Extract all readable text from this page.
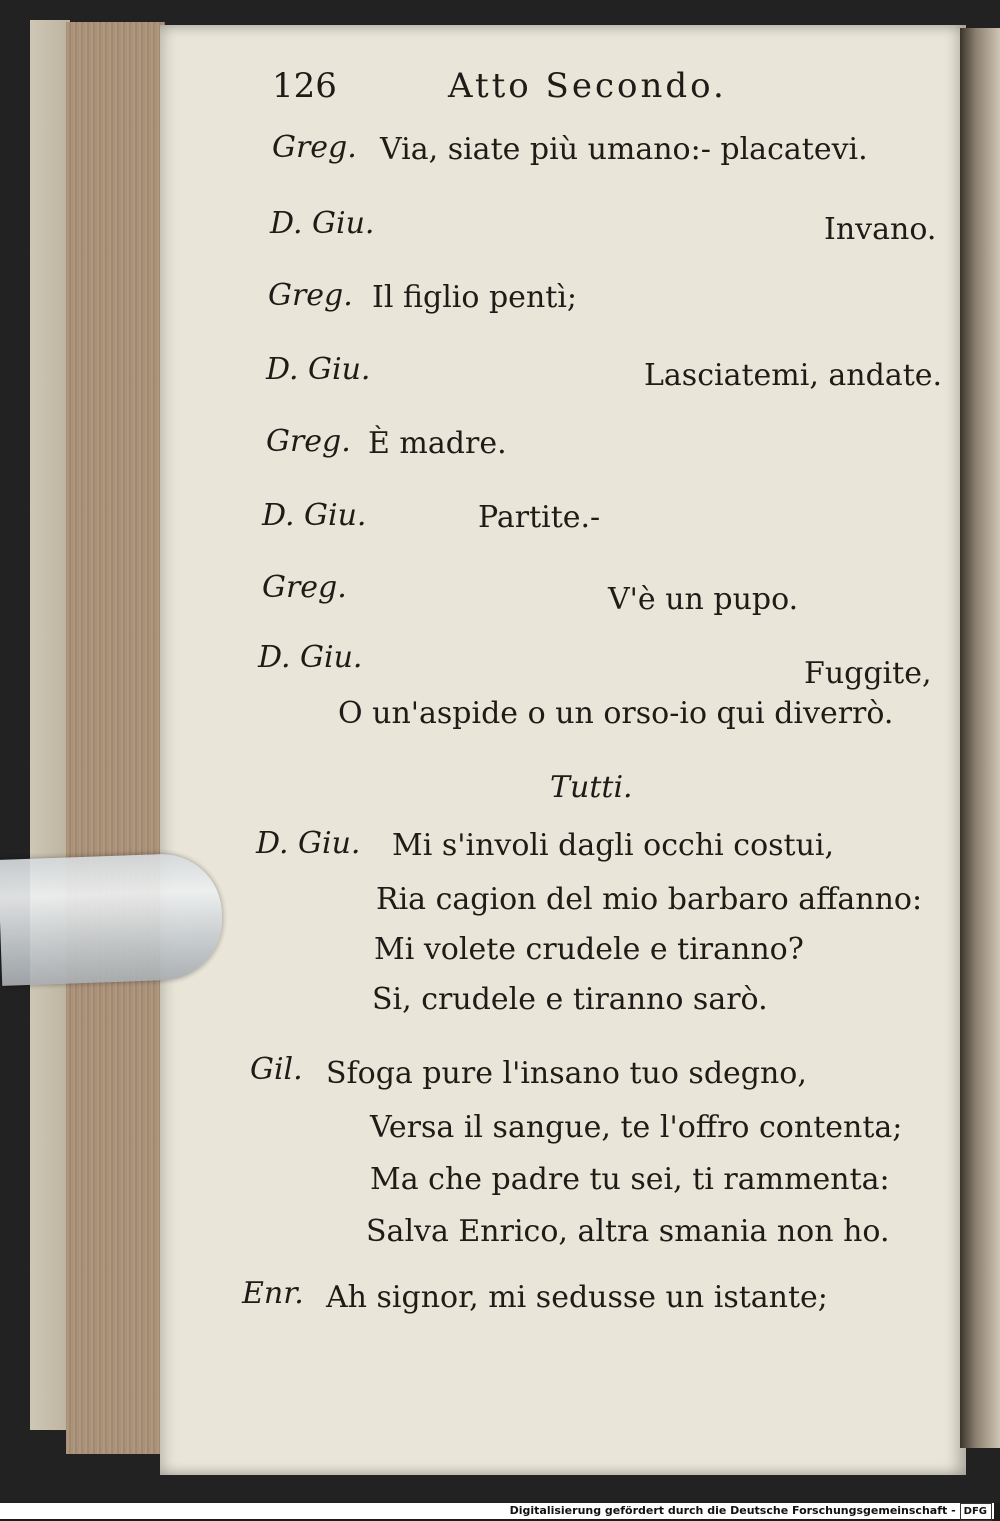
126	Atto Secondo.
Greg. Via, siate più umano:- placatevi.
D. Giu.	Invano.
Greg. Il figlio pentì;
D. Giu.	Lasciatemi, andate.
Greg. È madre.
D. Giu.	Partite.-
Greg.	V'è un pupo.
D. Giu.	Fuggite,
O un'aspide o un orso-io qui diverrò.
Tutti.
D. Giu. Mi s'involi dagli occhi costui,
Ria cagion del mio barbaro affanno:
Mi volete crudele e tiranno?
Si, crudele e tiranno sarò.
Gil. Sfoga pure l'insano tuo sdegno,
Versa il sangue, te l'offro contenta;
Ma che padre tu sei, ti rammenta:
Salva Enrico, altra smania non ho.
Enr. Ah signor, mi sedusse un istante;
Digitalisierung gefördert durch die Deutsche Forschungsgemeinschaft - DFG
